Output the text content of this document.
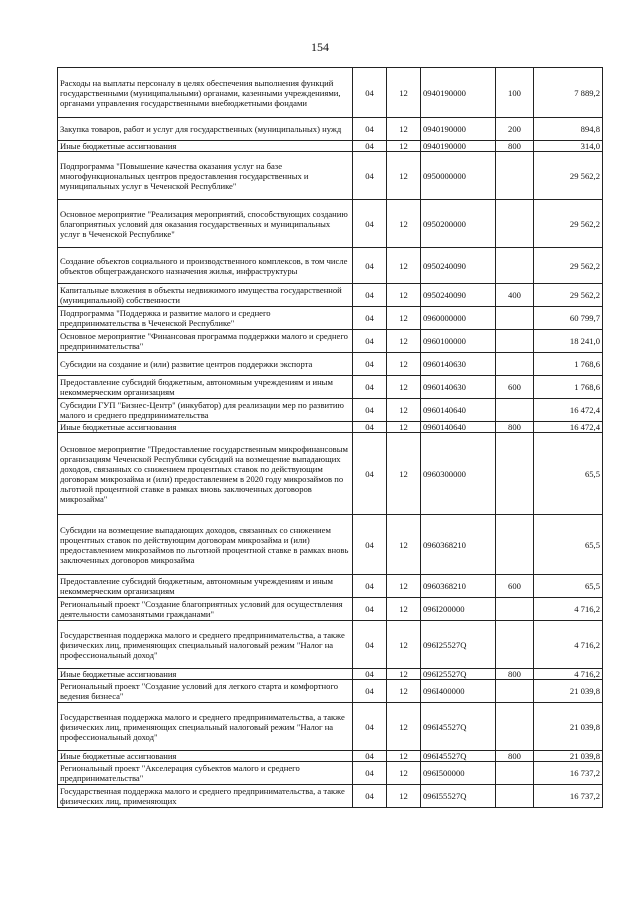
154
Расходы на выплаты персоналу в целях обеспечения выполнения функций государственными (муниципальными) органами, казенными учреждениями, органами управления государственными внебюджетными фондами	04	12	0940190000	100	7 889,2
Закупка товаров, работ и услуг для государственных (муниципальных) нужд	04	12	0940190000	200	894,8
Иные бюджетные ассигнования	04	12	0940190000	800	314,0
Подпрограмма "Повышение качества оказания услуг на базе многофункциональных центров предоставления государственных и муниципальных услуг в Чеченской Республике"	04	12	0950000000		29 562,2
Основное мероприятие "Реализация мероприятий, способствующих созданию благоприятных условий для оказания государственных и муниципальных услуг в Чеченской Республике"	04	12	0950200000		29 562,2
Создание объектов социального и производственного комплексов, в том числе объектов общегражданского назначения жилья, инфраструктуры	04	12	0950240090		29 562,2
Капитальные вложения в объекты недвижимого имущества государственной (муниципальной) собственности	04	12	0950240090	400	29 562,2
Подпрограмма "Поддержка и развитие малого и среднего предпринимательства в Чеченской Республике"	04	12	0960000000		60 799,7
Основное мероприятие "Финансовая программа поддержки малого и среднего предпринимательства"	04	12	0960100000		18 241,0
Субсидии на создание и (или) развитие центров поддержки экспорта	04	12	0960140630		1 768,6
Предоставление субсидий бюджетным, автономным учреждениям и иным некоммерческим организациям	04	12	0960140630	600	1 768,6
Субсидии ГУП "Бизнес-Центр" (инкубатор) для реализации мер по развитию малого и среднего предпринимательства	04	12	0960140640		16 472,4
Иные бюджетные ассигнования	04	12	0960140640	800	16 472,4
Основное мероприятие "Предоставление государственным микрофинансовым организациям Чеченской Республики субсидий на возмещение выпадающих доходов, связанных со снижением процентных ставок по действующим договорам микрозайма и (или) предоставлением в 2020 году микрозаймов по льготной процентной ставке в рамках вновь заключенных договоров микрозайма"	04	12	0960300000		65,5
Субсидии на возмещение выпадающих доходов, связанных со снижением процентных ставок по действующим договорам микрозайма и (или) предоставлением микрозаймов по льготной процентной ставке в рамках вновь заключенных договоров микрозайма	04	12	0960368210		65,5
Предоставление субсидий бюджетным, автономным учреждениям и иным некоммерческим организациям	04	12	0960368210	600	65,5
Региональный проект "Создание благоприятных условий для осуществления деятельности самозанятыми гражданами"	04	12	096I200000		4 716,2
Государственная поддержка малого и среднего предпринимательства, а также физических лиц, применяющих специальный налоговый режим "Налог на профессиональный доход"	04	12	096I25527Q		4 716,2
Иные бюджетные ассигнования	04	12	096I25527Q	800	4 716,2
Региональный проект "Создание условий для легкого старта и комфортного ведения бизнеса"	04	12	096I400000		21 039,8
Государственная поддержка малого и среднего предпринимательства, а также физических лиц, применяющих специальный налоговый режим "Налог на профессиональный доход"	04	12	096I45527Q		21 039,8
Иные бюджетные ассигнования	04	12	096I45527Q	800	21 039,8
Региональный проект "Акселерация субъектов малого и среднего предпринимательства"	04	12	096I500000		16 737,2
Государственная поддержка малого и среднего предпринимательства, а также физических лиц, применяющих	04	12	096I55527Q		16 737,2
